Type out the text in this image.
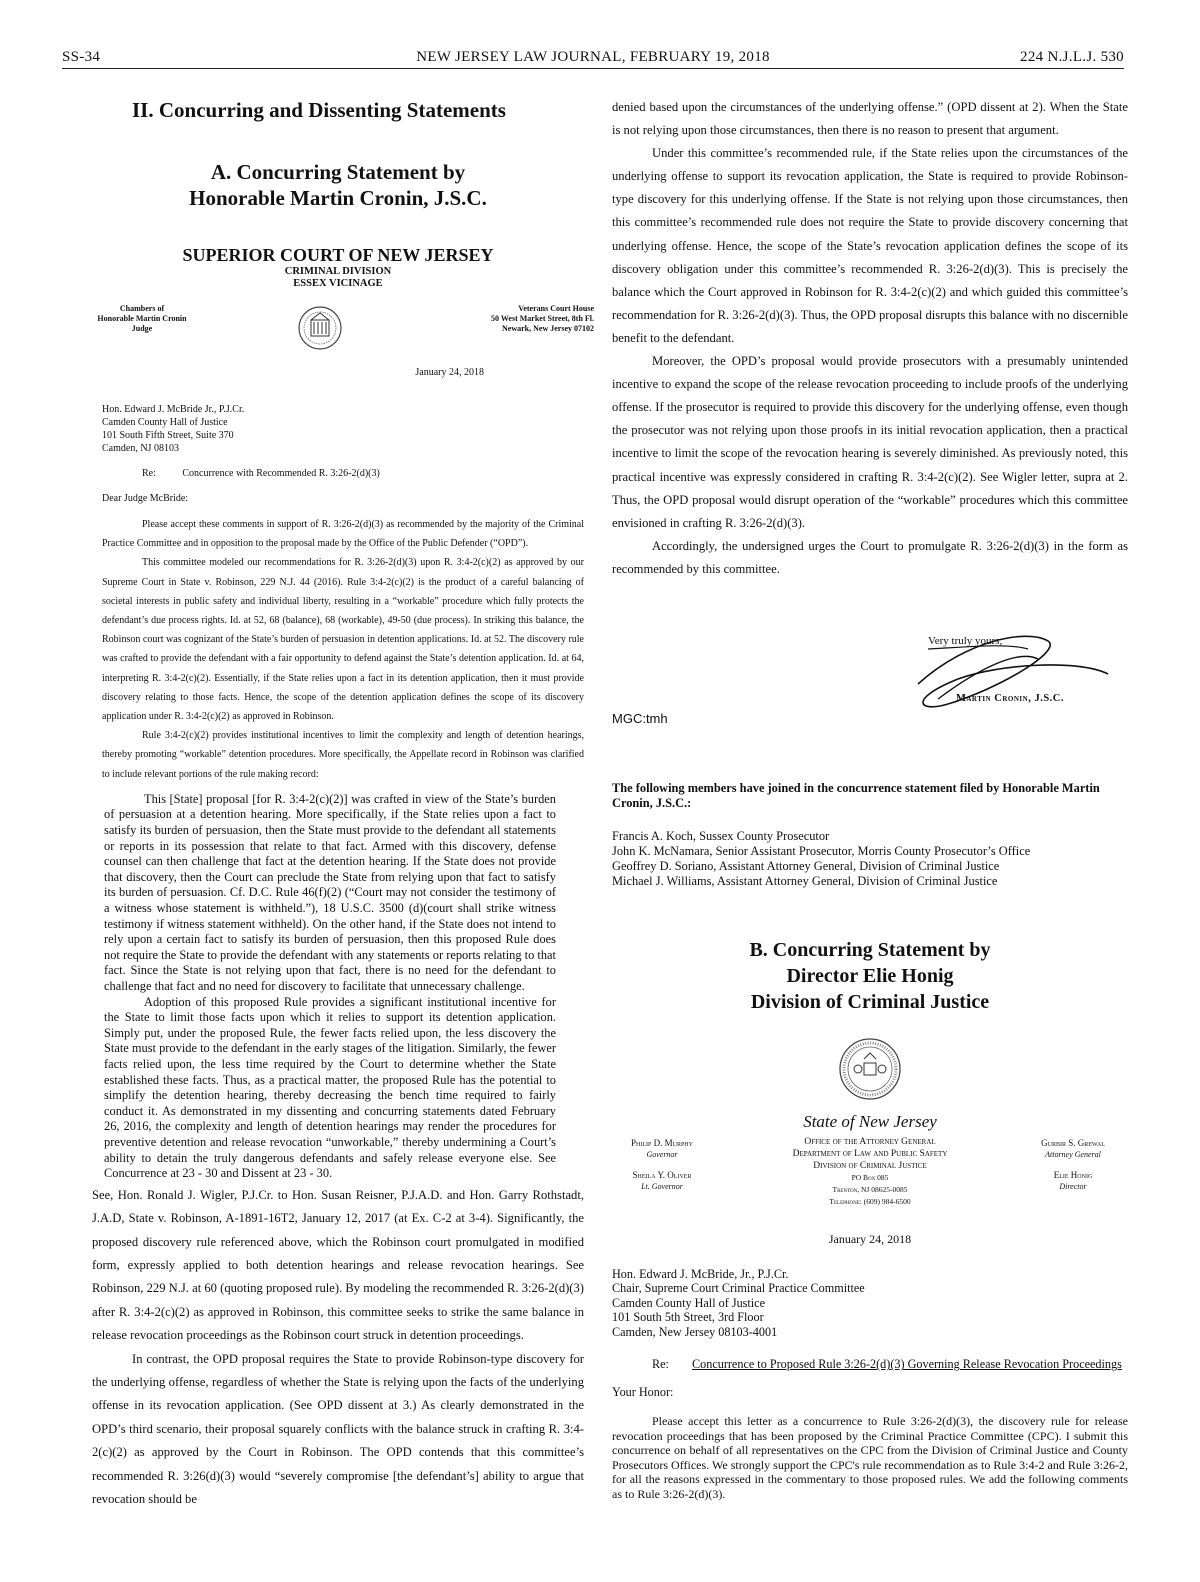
SS-34	NEW JERSEY LAW JOURNAL, FEBRUARY 19, 2018	224 N.J.L.J. 530
II. Concurring and Dissenting Statements
A. Concurring Statement by
Honorable Martin Cronin, J.S.C.
SUPERIOR COURT OF NEW JERSEY
CRIMINAL DIVISION
ESSEX VICINAGE
Chambers of
Honorable Martin Cronin
Judge
Veterans Court House
50 West Market Street, 8th Fl.
Newark, New Jersey 07102
January 24, 2018
Hon. Edward J. McBride Jr., P.J.Cr.
Camden County Hall of Justice
101 South Fifth Street, Suite 370
Camden, NJ 08103
Re:	Concurrence with Recommended R. 3:26-2(d)(3)
Dear Judge McBride:

Please accept these comments in support of R. 3:26-2(d)(3) as recommended by the majority of the Criminal Practice Committee and in opposition to the proposal made by the Office of the Public Defender (“OPD”).

This committee modeled our recommendations for R. 3:26-2(d)(3) upon R. 3:4-2(c)(2) as approved by our Supreme Court in State v. Robinson, 229 N.J. 44 (2016). Rule 3:4-2(c)(2) is the product of a careful balancing of societal interests in public safety and individual liberty, resulting in a “workable” procedure which fully protects the defendant’s due process rights. Id. at 52, 68 (balance), 68 (workable), 49-50 (due process). In striking this balance, the Robinson court was cognizant of the State’s burden of persuasion in detention applications. Id. at 52. The discovery rule was crafted to provide the defendant with a fair opportunity to defend against the State’s detention application. Id. at 64, interpreting R. 3:4-2(c)(2). Essentially, if the State relies upon a fact in its detention application, then it must provide discovery relating to those facts. Hence, the scope of the detention application defines the scope of its discovery application under R. 3:4-2(c)(2) as approved in Robinson.

Rule 3:4-2(c)(2) provides institutional incentives to limit the complexity and length of detention hearings, thereby promoting “workable” detention procedures. More specifically, the Appellate record in Robinson was clarified to include relevant portions of the rule making record:

This [State] proposal [for R. 3:4-2(c)(2)] was crafted in view of the State’s burden of persuasion at a detention hearing. More specifically, if the State relies upon a fact to satisfy its burden of persuasion, then the State must provide to the defendant all statements or reports in its possession that relate to that fact. Armed with this discovery, defense counsel can then challenge that fact at the detention hearing. If the State does not provide that discovery, then the Court can preclude the State from relying upon that fact to satisfy its burden of persuasion. Cf. D.C. Rule 46(f)(2) (“Court may not consider the testimony of a witness whose statement is withheld.”), 18 U.S.C. 3500 (d)(court shall strike witness testimony if witness statement withheld). On the other hand, if the State does not intend to rely upon a certain fact to satisfy its burden of persuasion, then this proposed Rule does not require the State to provide the defendant with any statements or reports relating to that fact. Since the State is not relying upon that fact, there is no need for the defendant to challenge that fact and no need for discovery to facilitate that unnecessary challenge.

Adoption of this proposed Rule provides a significant institutional incentive for the State to limit those facts upon which it relies to support its detention application. Simply put, under the proposed Rule, the fewer facts relied upon, the less discovery the State must provide to the defendant in the early stages of the litigation. Similarly, the fewer facts relied upon, the less time required by the Court to determine whether the State established these facts. Thus, as a practical matter, the proposed Rule has the potential to simplify the detention hearing, thereby decreasing the bench time required to fairly conduct it. As demonstrated in my dissenting and concurring statements dated February 26, 2016, the complexity and length of detention hearings may render the procedures for preventive detention and release revocation “unworkable,” thereby undermining a Court’s ability to detain the truly dangerous defendants and safely release everyone else. See Concurrence at 23 - 30 and Dissent at 23 - 30.

See, Hon. Ronald J. Wigler, P.J.Cr. to Hon. Susan Reisner, P.J.A.D. and Hon. Garry Rothstadt, J.A.D, State v. Robinson, A-1891-16T2, January 12, 2017 (at Ex. C-2 at 3-4). Significantly, the proposed discovery rule referenced above, which the Robinson court promulgated in modified form, expressly applied to both detention hearings and release revocation hearings. See Robinson, 229 N.J. at 60 (quoting proposed rule). By modeling the recommended R. 3:26-2(d)(3) after R. 3:4-2(c)(2) as approved in Robinson, this committee seeks to strike the same balance in release revocation proceedings as the Robinson court struck in detention proceedings.

In contrast, the OPD proposal requires the State to provide Robinson-type discovery for the underlying offense, regardless of whether the State is relying upon the facts of the underlying offense in its revocation application. (See OPD dissent at 3.) As clearly demonstrated in the OPD’s third scenario, their proposal squarely conflicts with the balance struck in crafting R. 3:4-2(c)(2) as approved by the Court in Robinson. The OPD contends that this committee’s recommended R. 3:26(d)(3) would “severely compromise [the defendant’s] ability to argue that revocation should be

denied based upon the circumstances of the underlying offense.” (OPD dissent at 2). When the State is not relying upon those circumstances, then there is no reason to present that argument.

Under this committee’s recommended rule, if the State relies upon the circumstances of the underlying offense to support its revocation application, the State is required to provide Robinson-type discovery for this underlying offense. If the State is not relying upon those circumstances, then this committee’s recommended rule does not require the State to provide discovery concerning that underlying offense. Hence, the scope of the State’s revocation application defines the scope of its discovery obligation under this committee’s recommended R. 3:26-2(d)(3). This is precisely the balance which the Court approved in Robinson for R. 3:4-2(c)(2) and which guided this committee’s recommendation for R. 3:26-2(d)(3). Thus, the OPD proposal disrupts this balance with no discernible benefit to the defendant.

Moreover, the OPD’s proposal would provide prosecutors with a presumably unintended incentive to expand the scope of the release revocation proceeding to include proofs of the underlying offense. If the prosecutor is required to provide this discovery for the underlying offense, even though the prosecutor was not relying upon those proofs in its initial revocation application, then a practical incentive to limit the scope of the revocation hearing is severely diminished. As previously noted, this practical incentive was expressly considered in crafting R. 3:4-2(c)(2). See Wigler letter, supra at 2. Thus, the OPD proposal would disrupt operation of the “workable” procedures which this committee envisioned in crafting R. 3:26-2(d)(3).

Accordingly, the undersigned urges the Court to promulgate R. 3:26-2(d)(3) in the form as recommended by this committee.

Very truly yours,
Martin Cronin, J.S.C.
MGC:tmh
The following members have joined in the concurrence statement filed by Honorable Martin Cronin, J.S.C.:
Francis A. Koch, Sussex County Prosecutor
John K. McNamara, Senior Assistant Prosecutor, Morris County Prosecutor’s Office
Geoffrey D. Soriano, Assistant Attorney General, Division of Criminal Justice
Michael J. Williams, Assistant Attorney General, Division of Criminal Justice
B. Concurring Statement by
Director Elie Honig
Division of Criminal Justice
State of New Jersey
Philip D. Murphy
Governor
Sheila Y. Oliver
Lt. Governor
Office of the Attorney General
Department of Law and Public Safety
Division of Criminal Justice
PO Box 085
Trenton, NJ 08625-0085
Telephone: (609) 984-6500
Gurbir S. Grewal
Attorney General
Elie Honig
Director
January 24, 2018
Hon. Edward J. McBride, Jr., P.J.Cr.
Chair, Supreme Court Criminal Practice Committee
Camden County Hall of Justice
101 South 5th Street, 3rd Floor
Camden, New Jersey 08103-4001
Re: Concurrence to Proposed Rule 3:26-2(d)(3) Governing Release Revocation Proceedings
Your Honor:

Please accept this letter as a concurrence to Rule 3:26-2(d)(3), the discovery rule for release revocation proceedings that has been proposed by the Criminal Practice Committee (CPC). I submit this concurrence on behalf of all representatives on the CPC from the Division of Criminal Justice and County Prosecutors Offices. We strongly support the CPC's rule recommendation as to Rule 3:4-2 and Rule 3:26-2, for all the reasons expressed in the commentary to those proposed rules. We add the following comments as to Rule 3:26-2(d)(3).
